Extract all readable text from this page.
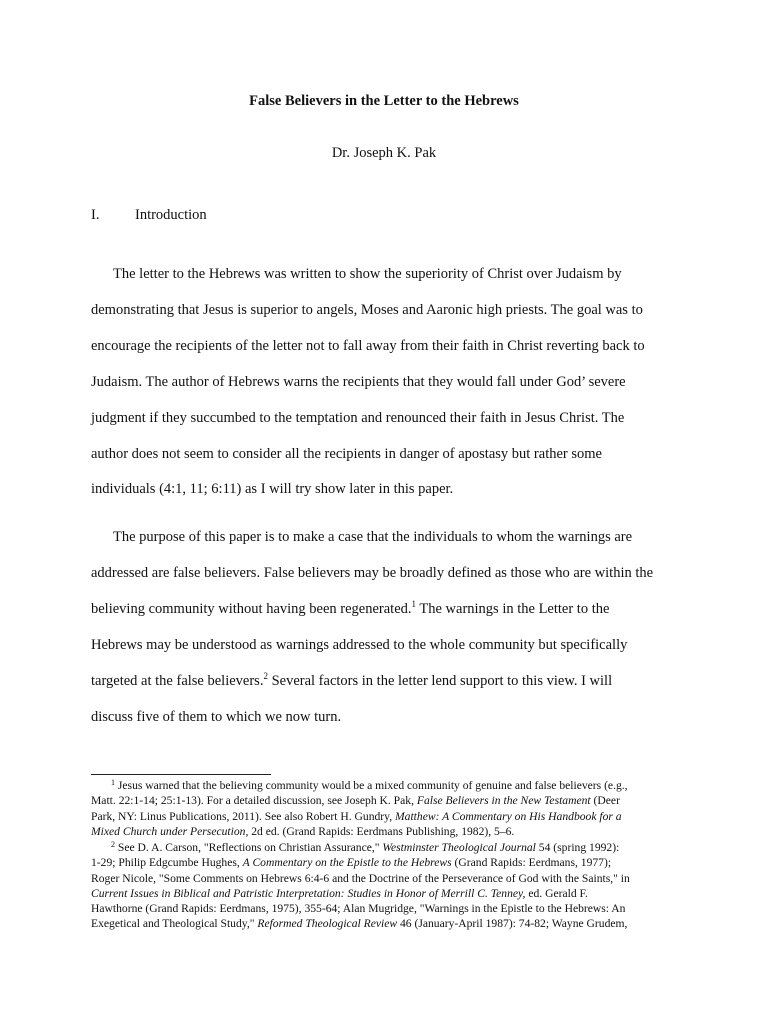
False Believers in the Letter to the Hebrews
Dr. Joseph K. Pak
I. Introduction

The letter to the Hebrews was written to show the superiority of Christ over Judaism by
demonstrating that Jesus is superior to angels, Moses and Aaronic high priests. The goal was to
encourage the recipients of the letter not to fall away from their faith in Christ reverting back to
Judaism. The author of Hebrews warns the recipients that they would fall under God’ severe
judgment if they succumbed to the temptation and renounced their faith in Jesus Christ. The
author does not seem to consider all the recipients in danger of apostasy but rather some
individuals (4:1, 11; 6:11) as I will try show later in this paper.

The purpose of this paper is to make a case that the individuals to whom the warnings are
addressed are false believers. False believers may be broadly defined as those who are within the
believing community without having been regenerated.$^1$ The warnings in the Letter to the
Hebrews may be understood as warnings addressed to the whole community but specifically
targeted at the false believers.$^2$ Several factors in the letter lend support to this view. I will
discuss five of them to which we now turn.

$^1$ Jesus warned that the believing community would be a mixed community of genuine and false believers (e.g.,
Matt. 22:1-14; 25:1-13). For a detailed discussion, see Joseph K. Pak, False Believers in the New Testament (Deer
Park, NY: Linus Publications, 2011). See also Robert H. Gundry, Matthew: A Commentary on His Handbook for a
Mixed Church under Persecution, 2d ed. (Grand Rapids: Eerdmans Publishing, 1982), 5–6.

$^2$ See D. A. Carson, "Reflections on Christian Assurance," Westminster Theological Journal 54 (spring 1992):
1-29; Philip Edgcumbe Hughes, A Commentary on the Epistle to the Hebrews (Grand Rapids: Eerdmans, 1977);
Roger Nicole, "Some Comments on Hebrews 6:4-6 and the Doctrine of the Perseverance of God with the Saints," in
Current Issues in Biblical and Patristic Interpretation: Studies in Honor of Merrill C. Tenney, ed. Gerald F.
Hawthorne (Grand Rapids: Eerdmans, 1975), 355-64; Alan Mugridge, "Warnings in the Epistle to the Hebrews: An
Exegetical and Theological Study," Reformed Theological Review 46 (January-April 1987): 74-82; Wayne Grudem,
